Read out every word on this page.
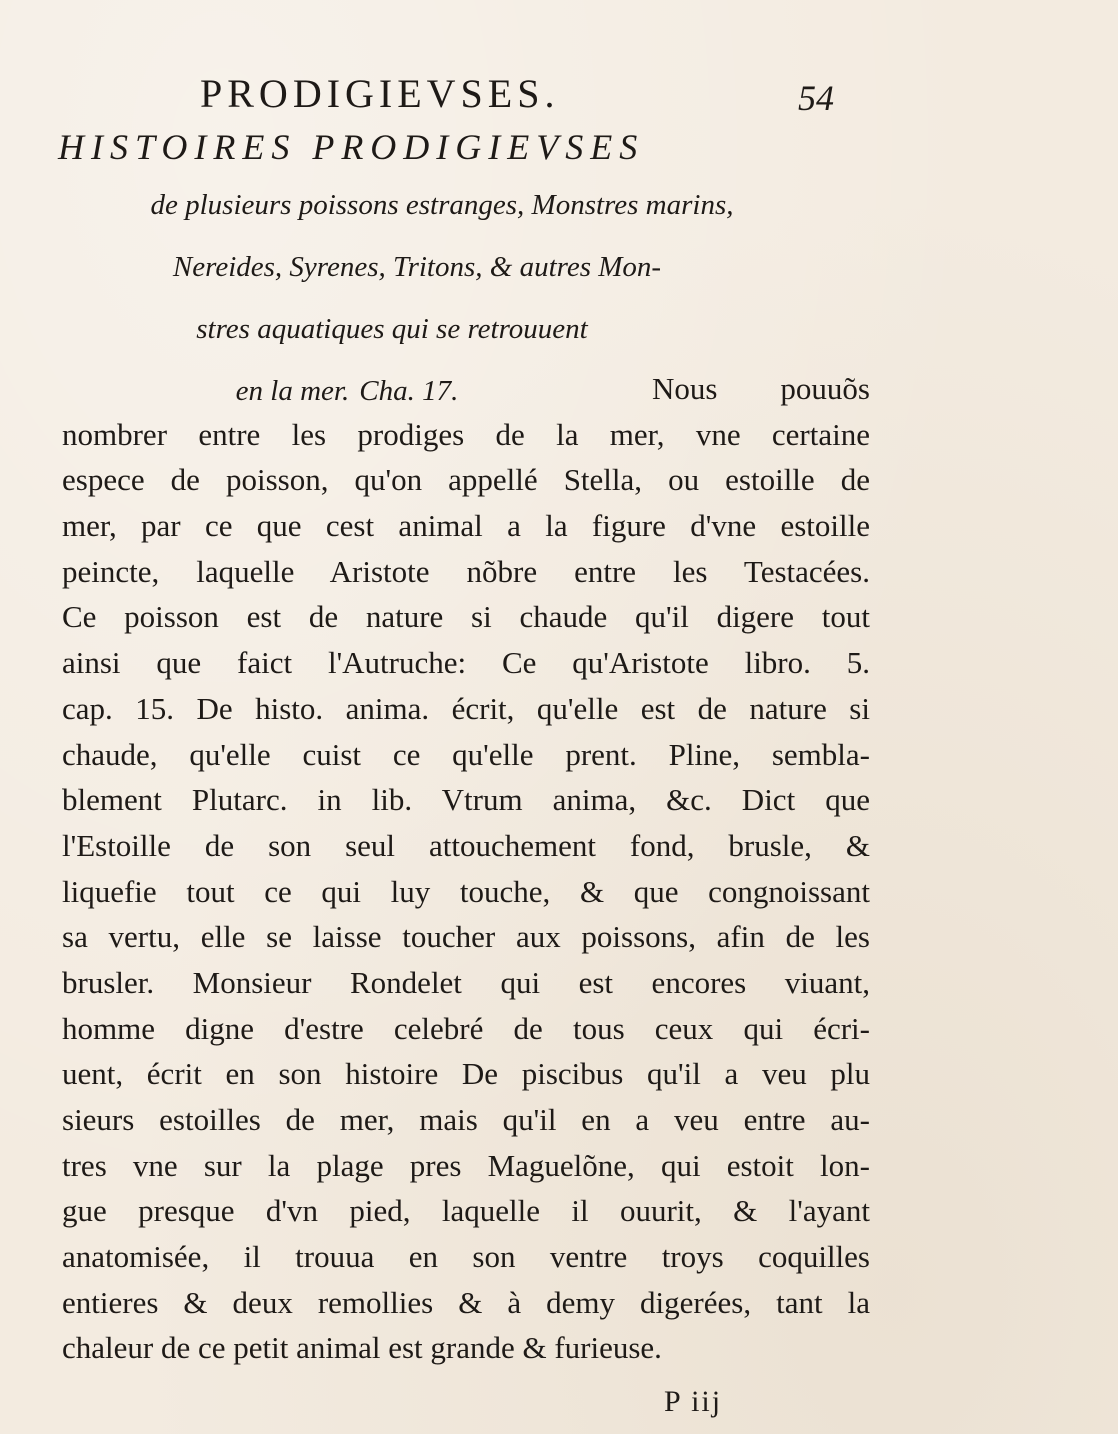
PRODIGIEVSES.	54
HISTOIRES PRODIGIEVSES
de plusieurs poissons estranges, Monstres marins,
Nereides, Syrenes, Tritons, & autres Mon-
stres aquatiques qui se retrouuent
en la mer. Cha. 17.	Nous pouuõs
nombrer entre les prodiges de la mer, vne certaine
espece de poisson, qu'on appellé Stella, ou estoille de
mer, par ce que cest animal a la figure d'vne estoille
peincte, laquelle Aristote nõbre entre les Testacées.
Ce poisson est de nature si chaude qu'il digere tout
ainsi que faict l'Autruche: Ce qu'Aristote libro. 5.
cap. 15. De histo. anima. écrit, qu'elle est de nature si
chaude, qu'elle cuist ce qu'elle prent. Pline, sembla-
blement Plutarc. in lib. Vtrum anima, &c. Dict que
l'Estoille de son seul attouchement fond, brusle, &
liquefie tout ce qui luy touche, & que congnoissant
sa vertu, elle se laisse toucher aux poissons, afin de les
brusler. Monsieur Rondelet qui est encores viuant,
homme digne d'estre celebré de tous ceux qui écri-
uent, écrit en son histoire De piscibus qu'il a veu plu
sieurs estoilles de mer, mais qu'il en a veu entre au-
tres vne sur la plage pres Maguelõne, qui estoit lon-
gue presque d'vn pied, laquelle il ouurit, & l'ayant
anatomisée, il trouua en son ventre troys coquilles
entieres & deux remollies & à demy digerées, tant la
chaleur de ce petit animal est grande & furieuse.
P iij
